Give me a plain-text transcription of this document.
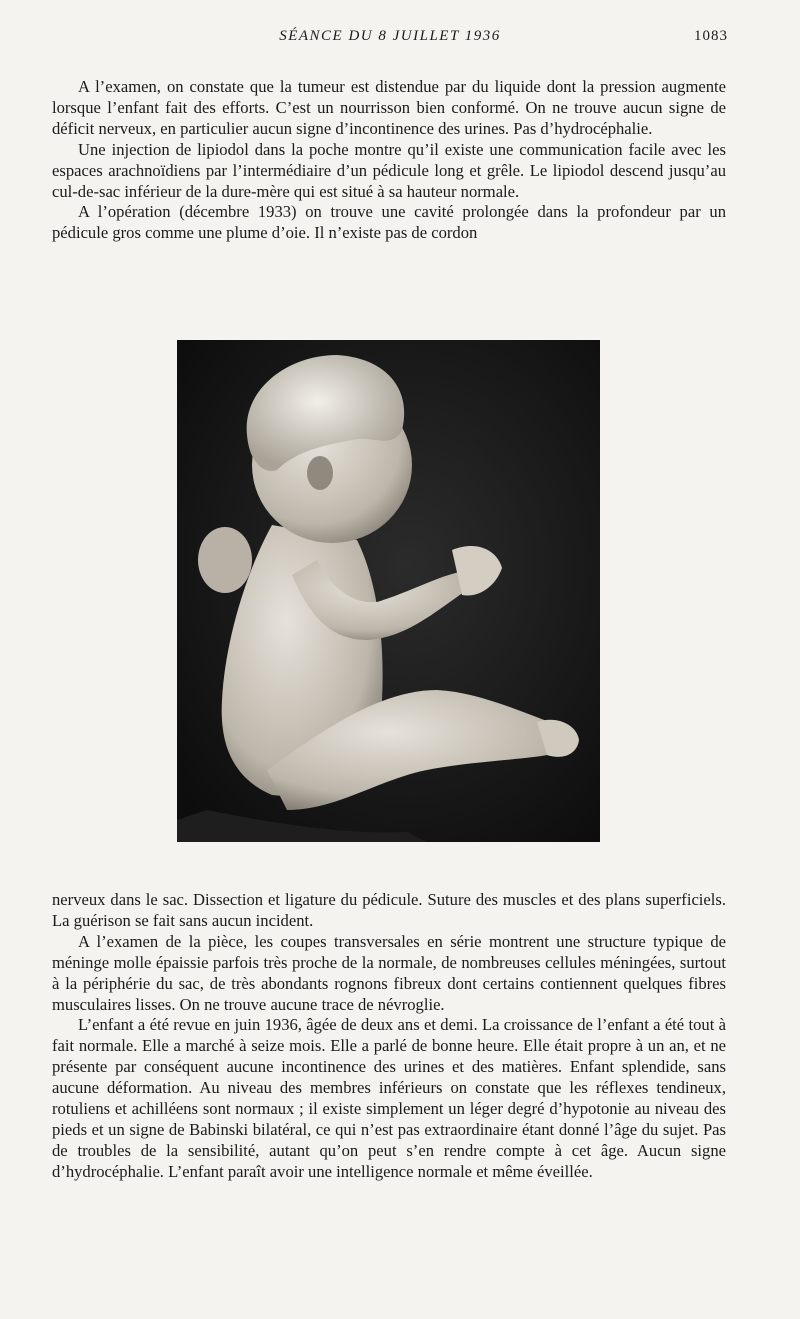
SÉANCE DU 8 JUILLET 1936	1083

A l’examen, on constate que la tumeur est distendue par du liquide dont la pression augmente lorsque l’enfant fait des efforts. C’est un nourrisson bien conformé. On ne trouve aucun signe de déficit nerveux, en particulier aucun signe d’incontinence des urines. Pas d’hydrocéphalie.

Une injection de lipiodol dans la poche montre qu’il existe une communication facile avec les espaces arachnoïdiens par l’intermédiaire d’un pédicule long et grêle. Le lipiodol descend jusqu’au cul-de-sac inférieur de la dure-mère qui est situé à sa hauteur normale.

A l’opération (décembre 1933) on trouve une cavité prolongée dans la profondeur par un pédicule gros comme une plume d’oie. Il n’existe pas de cordon

nerveux dans le sac. Dissection et ligature du pédicule. Suture des muscles et des plans superficiels. La guérison se fait sans aucun incident.

A l’examen de la pièce, les coupes transversales en série montrent une structure typique de méninge molle épaissie parfois très proche de la normale, de nombreuses cellules méningées, surtout à la périphérie du sac, de très abondants rognons fibreux dont certains contiennent quelques fibres musculaires lisses. On ne trouve aucune trace de névroglie.

L’enfant a été revue en juin 1936, âgée de deux ans et demi. La croissance de l’enfant a été tout à fait normale. Elle a marché à seize mois. Elle a parlé de bonne heure. Elle était propre à un an, et ne présente par conséquent aucune incontinence des urines et des matières. Enfant splendide, sans aucune déformation. Au niveau des membres inférieurs on constate que les réflexes tendineux, rotuliens et achilléens sont normaux ; il existe simplement un léger degré d’hypotonie au niveau des pieds et un signe de Babinski bilatéral, ce qui n’est pas extraordinaire étant donné l’âge du sujet. Pas de troubles de la sensibilité, autant qu’on peut s’en rendre compte à cet âge. Aucun signe d’hydrocéphalie. L’enfant paraît avoir une intelligence normale et même éveillée.
